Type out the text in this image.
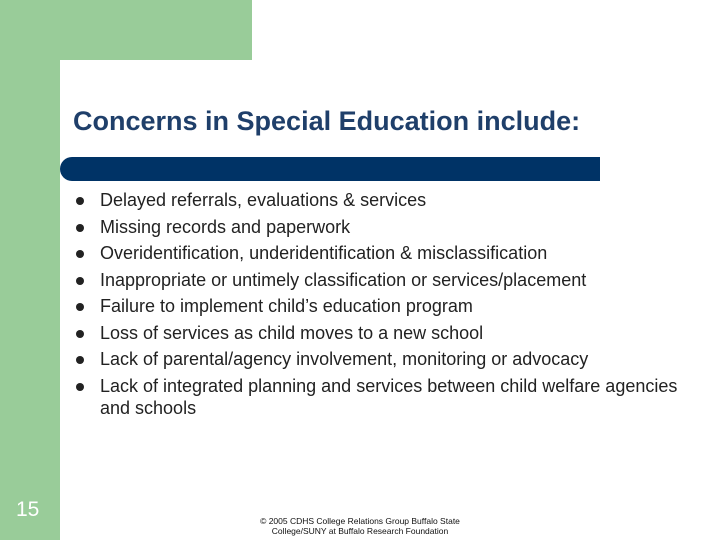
Concerns in Special Education include:
Delayed referrals, evaluations & services
Missing records and paperwork
Overidentification, underidentification & misclassification
Inappropriate or untimely classification or services/placement
Failure to implement child’s education program
Loss of services as child moves to a new school
Lack of parental/agency involvement, monitoring or advocacy
Lack of integrated planning and services between child welfare agencies and schools
15	© 2005 CDHS College Relations Group Buffalo State
College/SUNY at Buffalo Research Foundation
